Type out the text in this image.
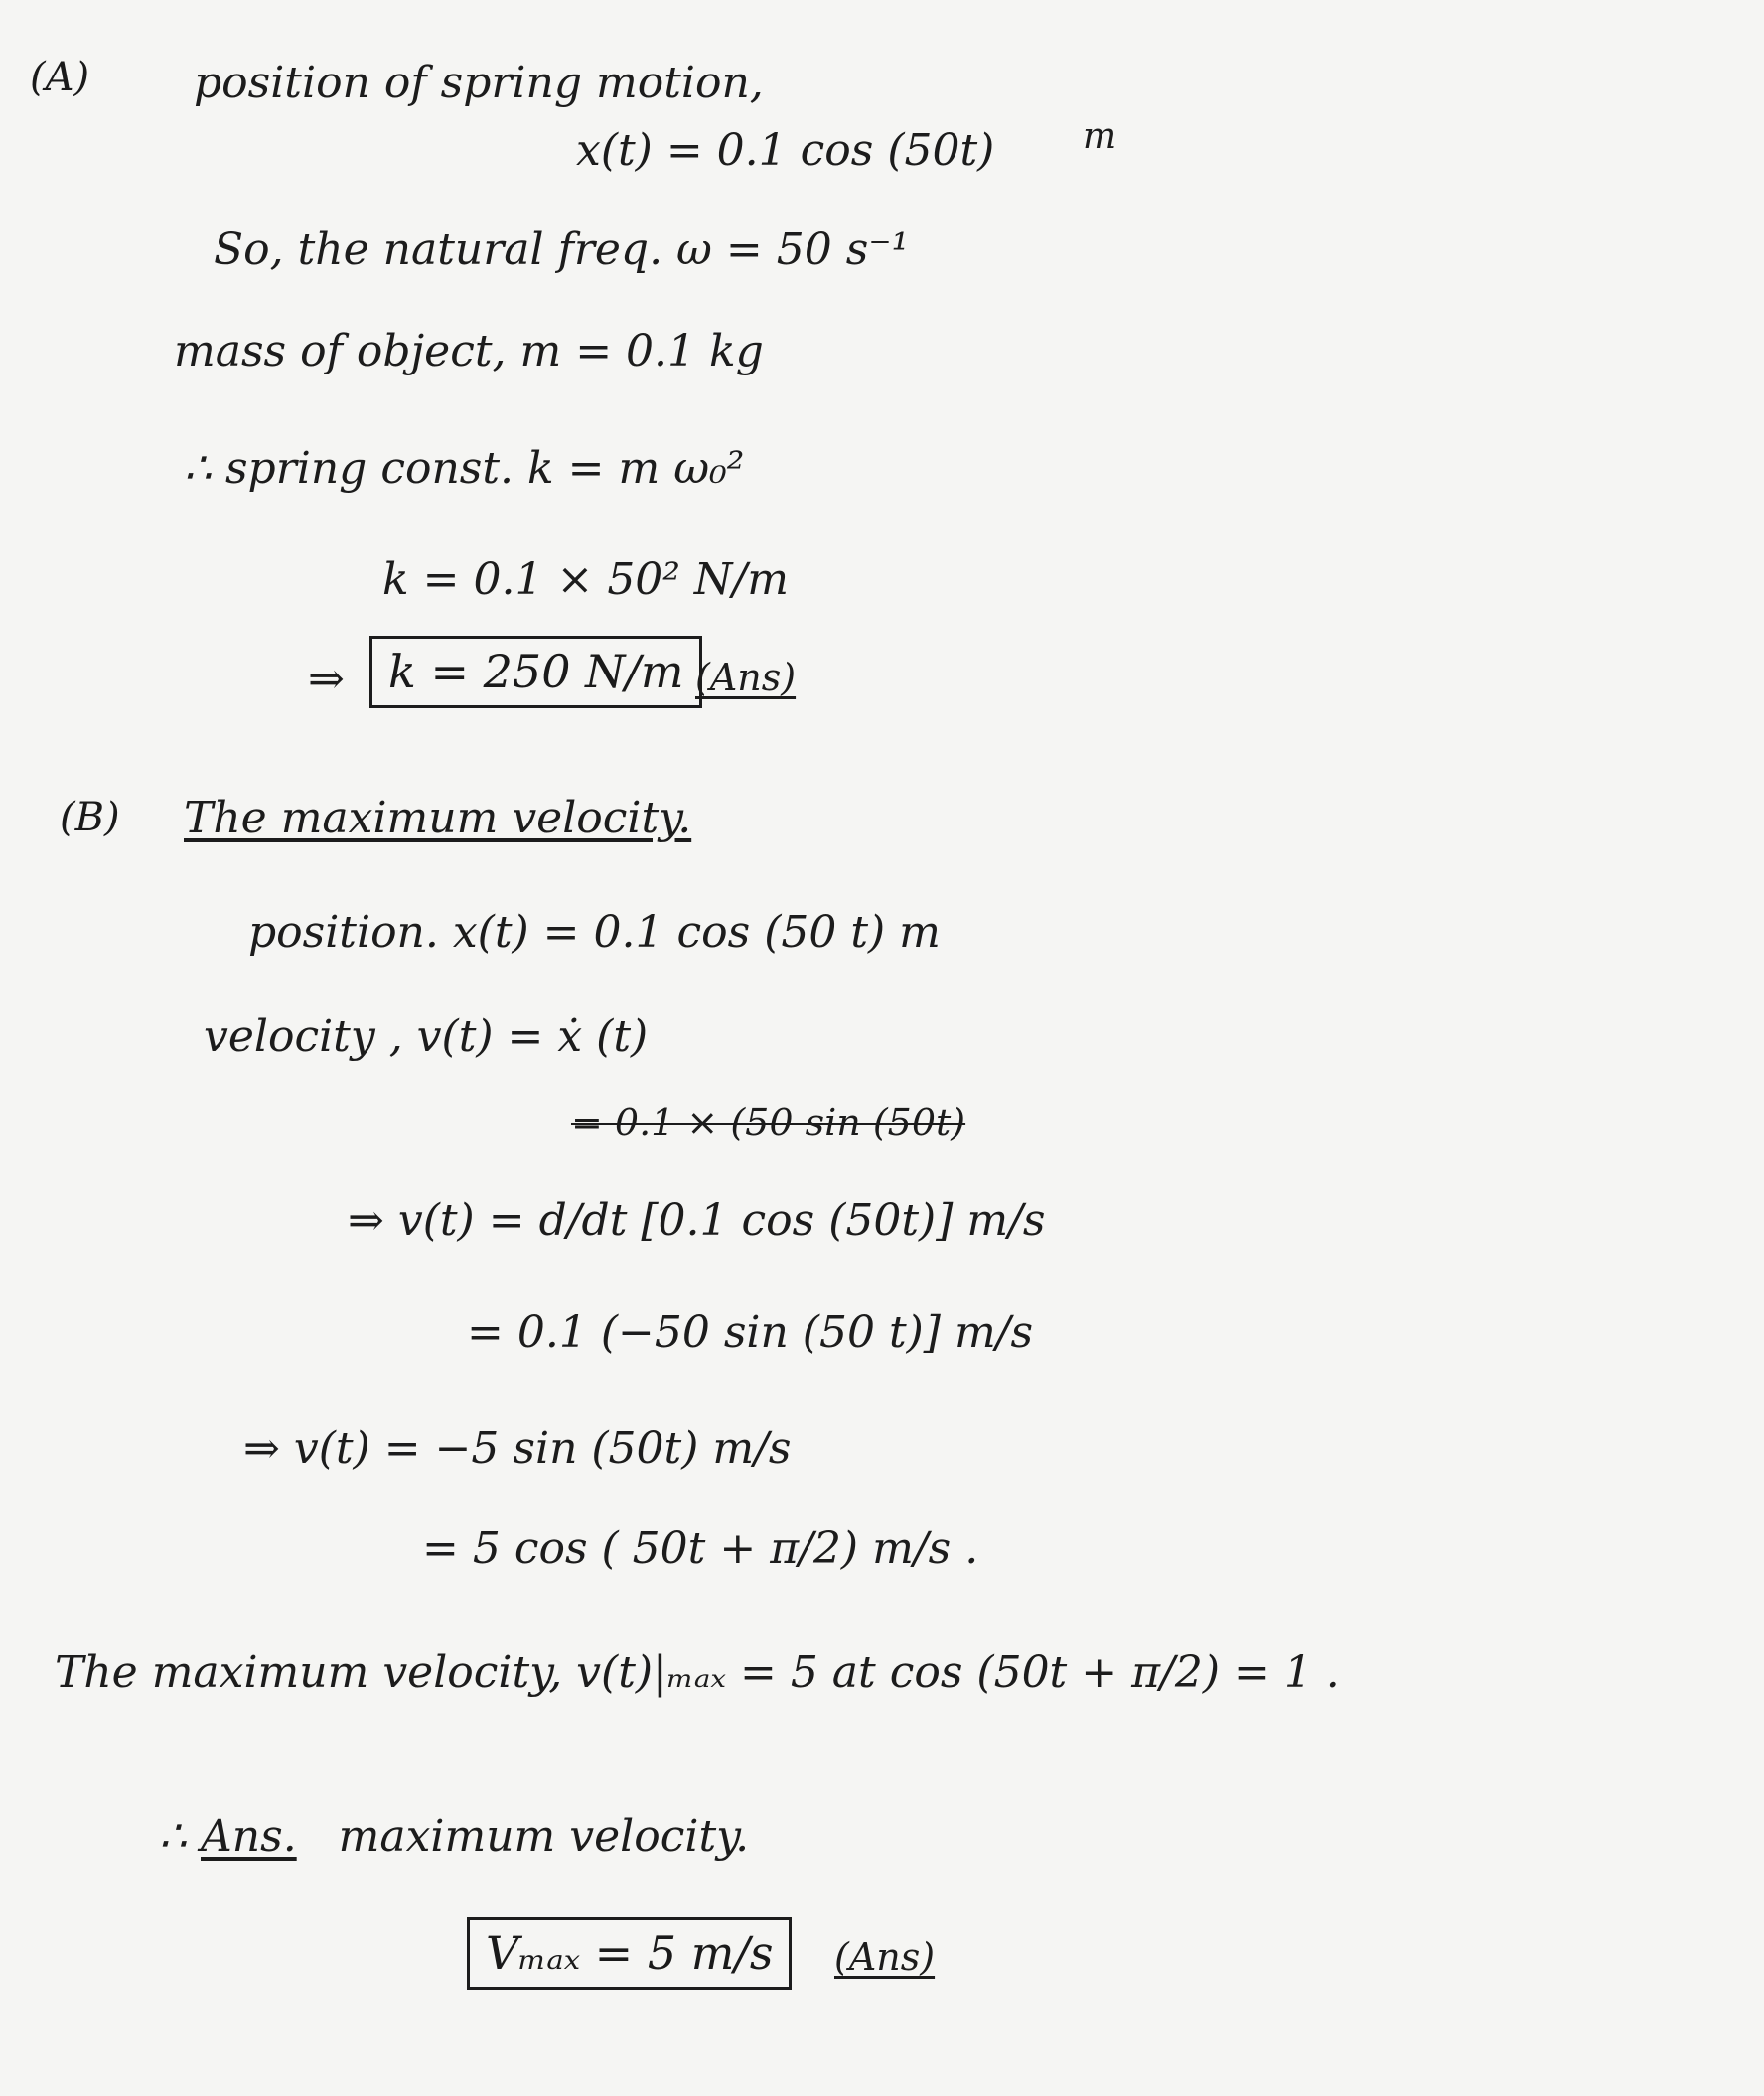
(A) position of spring motion,
x(t) = 0.1 cos (50t) m
So, the natural freq. ω = 50 s⁻¹
mass of object, m = 0.1 kg
∴ spring const. k = m ω₀²
k = 0.1 × 50² N/m
⇒ k = 250 N/m (Ans)
(B) The maximum velocity.
position. x(t) = 0.1 cos (50 t) m
velocity , v(t) = ẋ (t)
= 0.1 × (50 sin (50t)
⇒ v(t) = d/dt [0.1 cos (50t)] m/s
= 0.1 (−50 sin (50 t)] m/s
⇒ v(t) = −5 sin (50t) m/s
= 5 cos ( 50t + π/2) m/s .
The maximum velocity, v(t)|ₘₐₓ = 5 at cos (50t + π/2) = 1 .
∴ Ans. maximum velocity.
Vₘₐₓ = 5 m/s	(Ans)
